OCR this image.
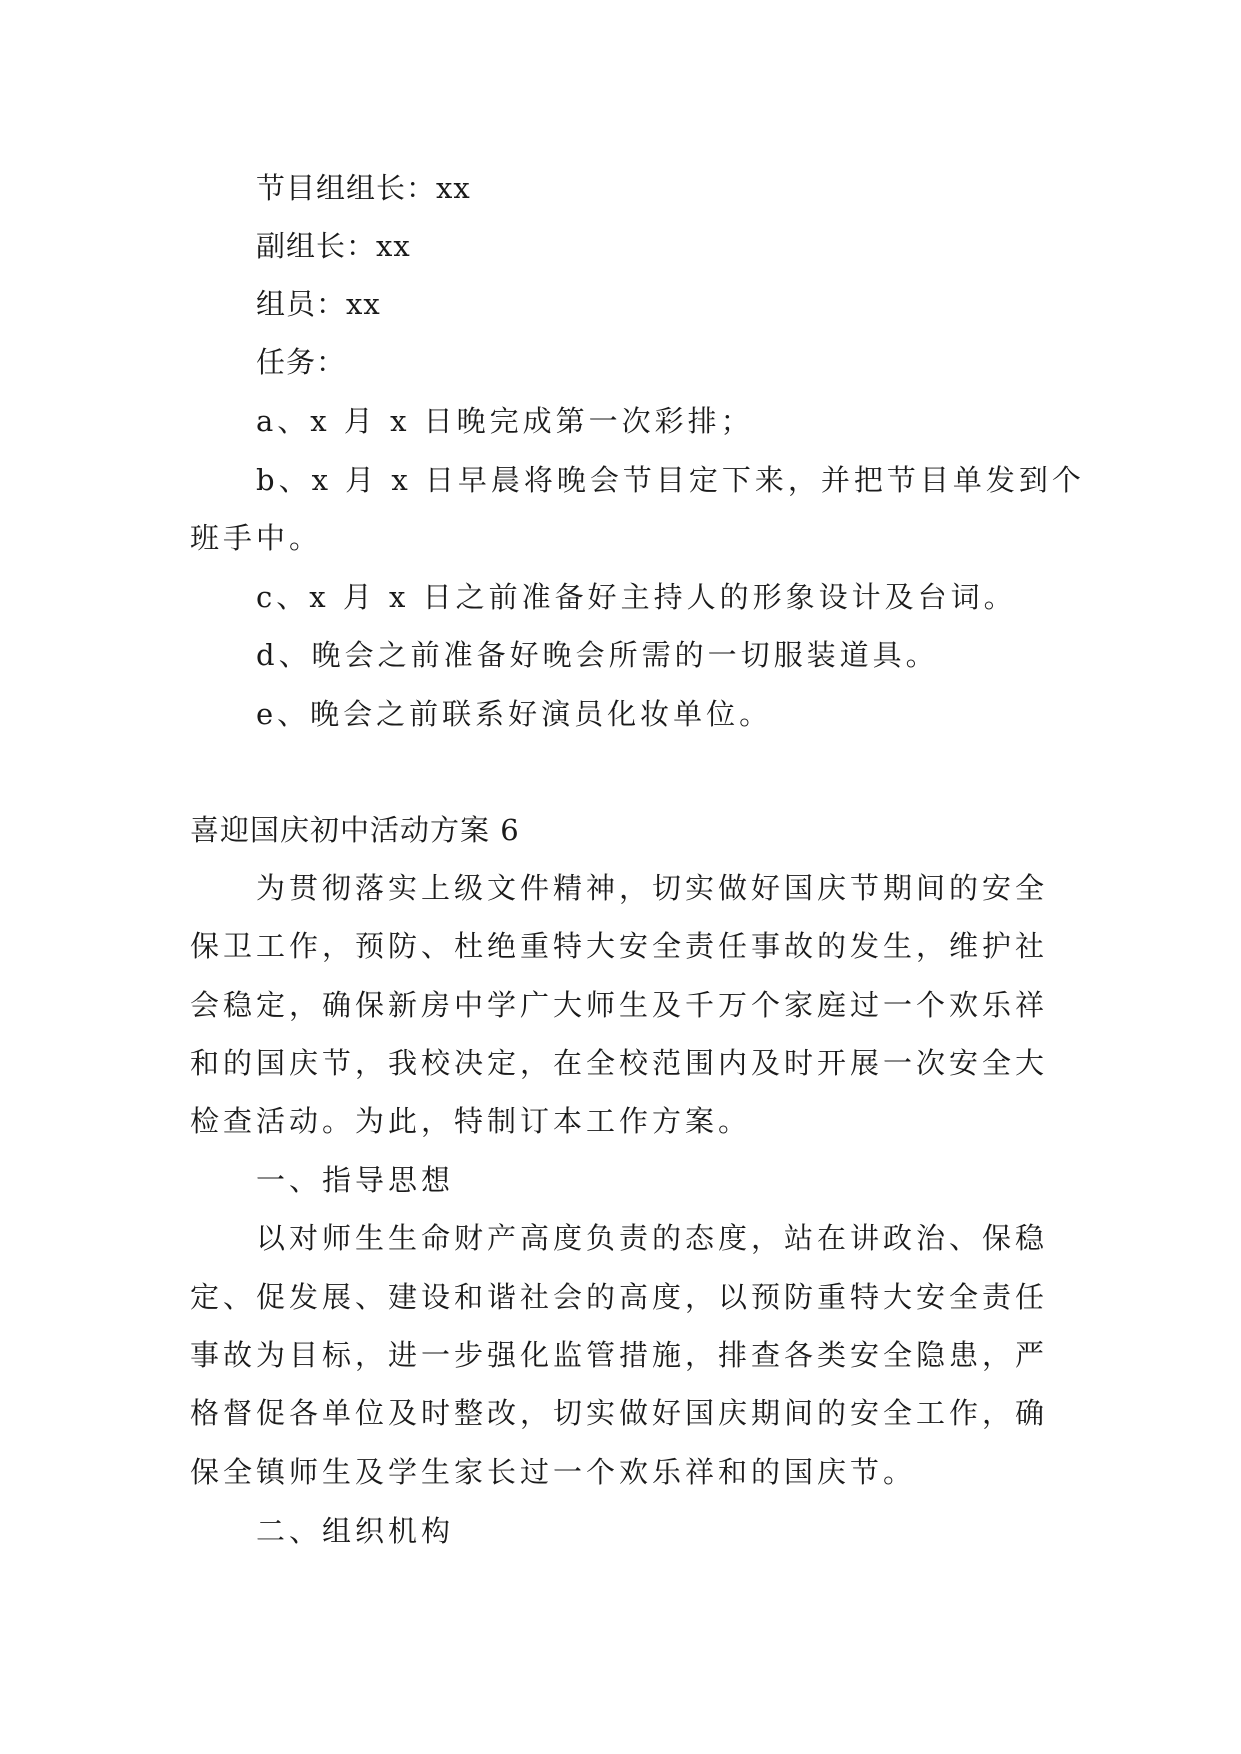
节目组组长：xx
副组长：xx
组员：xx
任务：
a、x 月 x 日晚完成第一次彩排；
b、x 月 x 日早晨将晚会节目定下来，并把节目单发到个
班手中。
c、x 月 x 日之前准备好主持人的形象设计及台词。
d、晚会之前准备好晚会所需的一切服装道具。
e、晚会之前联系好演员化妆单位。
喜迎国庆初中活动方案 6
为贯彻落实上级文件精神，切实做好国庆节期间的安全
保卫工作，预防、杜绝重特大安全责任事故的发生，维护社
会稳定，确保新房中学广大师生及千万个家庭过一个欢乐祥
和的国庆节，我校决定，在全校范围内及时开展一次安全大
检查活动。为此，特制订本工作方案。
一、指导思想
以对师生生命财产高度负责的态度，站在讲政治、保稳
定、促发展、建设和谐社会的高度，以预防重特大安全责任
事故为目标，进一步强化监管措施，排查各类安全隐患，严
格督促各单位及时整改，切实做好国庆期间的安全工作，确
保全镇师生及学生家长过一个欢乐祥和的国庆节。
二、组织机构
